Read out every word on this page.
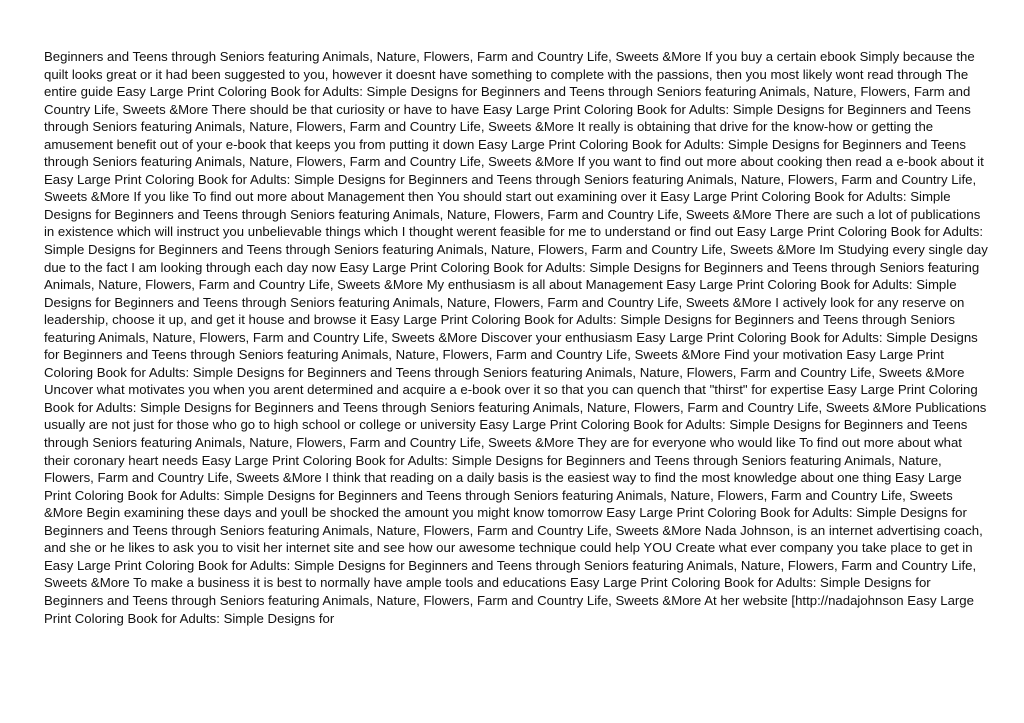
Beginners and Teens through Seniors featuring Animals, Nature, Flowers, Farm and Country Life, Sweets &More If you buy a certain ebook Simply because the quilt looks great or it had been suggested to you, however it doesnt have something to complete with the passions, then you most likely wont read through The entire guide Easy Large Print Coloring Book for Adults: Simple Designs for Beginners and Teens through Seniors featuring Animals, Nature, Flowers, Farm and Country Life, Sweets &More There should be that curiosity or have to have Easy Large Print Coloring Book for Adults: Simple Designs for Beginners and Teens through Seniors featuring Animals, Nature, Flowers, Farm and Country Life, Sweets &More It really is obtaining that drive for the know-how or getting the amusement benefit out of your e-book that keeps you from putting it down Easy Large Print Coloring Book for Adults: Simple Designs for Beginners and Teens through Seniors featuring Animals, Nature, Flowers, Farm and Country Life, Sweets &More If you want to find out more about cooking then read a e-book about it Easy Large Print Coloring Book for Adults: Simple Designs for Beginners and Teens through Seniors featuring Animals, Nature, Flowers, Farm and Country Life, Sweets &More If you like To find out more about Management then You should start out examining over it Easy Large Print Coloring Book for Adults: Simple Designs for Beginners and Teens through Seniors featuring Animals, Nature, Flowers, Farm and Country Life, Sweets &More There are such a lot of publications in existence which will instruct you unbelievable things which I thought werent feasible for me to understand or find out Easy Large Print Coloring Book for Adults: Simple Designs for Beginners and Teens through Seniors featuring Animals, Nature, Flowers, Farm and Country Life, Sweets &More Im Studying every single day due to the fact I am looking through each day now Easy Large Print Coloring Book for Adults: Simple Designs for Beginners and Teens through Seniors featuring Animals, Nature, Flowers, Farm and Country Life, Sweets &More My enthusiasm is all about Management Easy Large Print Coloring Book for Adults: Simple Designs for Beginners and Teens through Seniors featuring Animals, Nature, Flowers, Farm and Country Life, Sweets &More I actively look for any reserve on leadership, choose it up, and get it house and browse it Easy Large Print Coloring Book for Adults: Simple Designs for Beginners and Teens through Seniors featuring Animals, Nature, Flowers, Farm and Country Life, Sweets &More Discover your enthusiasm Easy Large Print Coloring Book for Adults: Simple Designs for Beginners and Teens through Seniors featuring Animals, Nature, Flowers, Farm and Country Life, Sweets &More Find your motivation Easy Large Print Coloring Book for Adults: Simple Designs for Beginners and Teens through Seniors featuring Animals, Nature, Flowers, Farm and Country Life, Sweets &More Uncover what motivates you when you arent determined and acquire a e-book over it so that you can quench that "thirst" for expertise Easy Large Print Coloring Book for Adults: Simple Designs for Beginners and Teens through Seniors featuring Animals, Nature, Flowers, Farm and Country Life, Sweets &More Publications usually are not just for those who go to high school or college or university Easy Large Print Coloring Book for Adults: Simple Designs for Beginners and Teens through Seniors featuring Animals, Nature, Flowers, Farm and Country Life, Sweets &More They are for everyone who would like To find out more about what their coronary heart needs Easy Large Print Coloring Book for Adults: Simple Designs for Beginners and Teens through Seniors featuring Animals, Nature, Flowers, Farm and Country Life, Sweets &More I think that reading on a daily basis is the easiest way to find the most knowledge about one thing Easy Large Print Coloring Book for Adults: Simple Designs for Beginners and Teens through Seniors featuring Animals, Nature, Flowers, Farm and Country Life, Sweets &More Begin examining these days and youll be shocked the amount you might know tomorrow Easy Large Print Coloring Book for Adults: Simple Designs for Beginners and Teens through Seniors featuring Animals, Nature, Flowers, Farm and Country Life, Sweets &More Nada Johnson, is an internet advertising coach, and she or he likes to ask you to visit her internet site and see how our awesome technique could help YOU Create what ever company you take place to get in Easy Large Print Coloring Book for Adults: Simple Designs for Beginners and Teens through Seniors featuring Animals, Nature, Flowers, Farm and Country Life, Sweets &More To make a business it is best to normally have ample tools and educations Easy Large Print Coloring Book for Adults: Simple Designs for Beginners and Teens through Seniors featuring Animals, Nature, Flowers, Farm and Country Life, Sweets &More At her website [http://nadajohnson Easy Large Print Coloring Book for Adults: Simple Designs for
